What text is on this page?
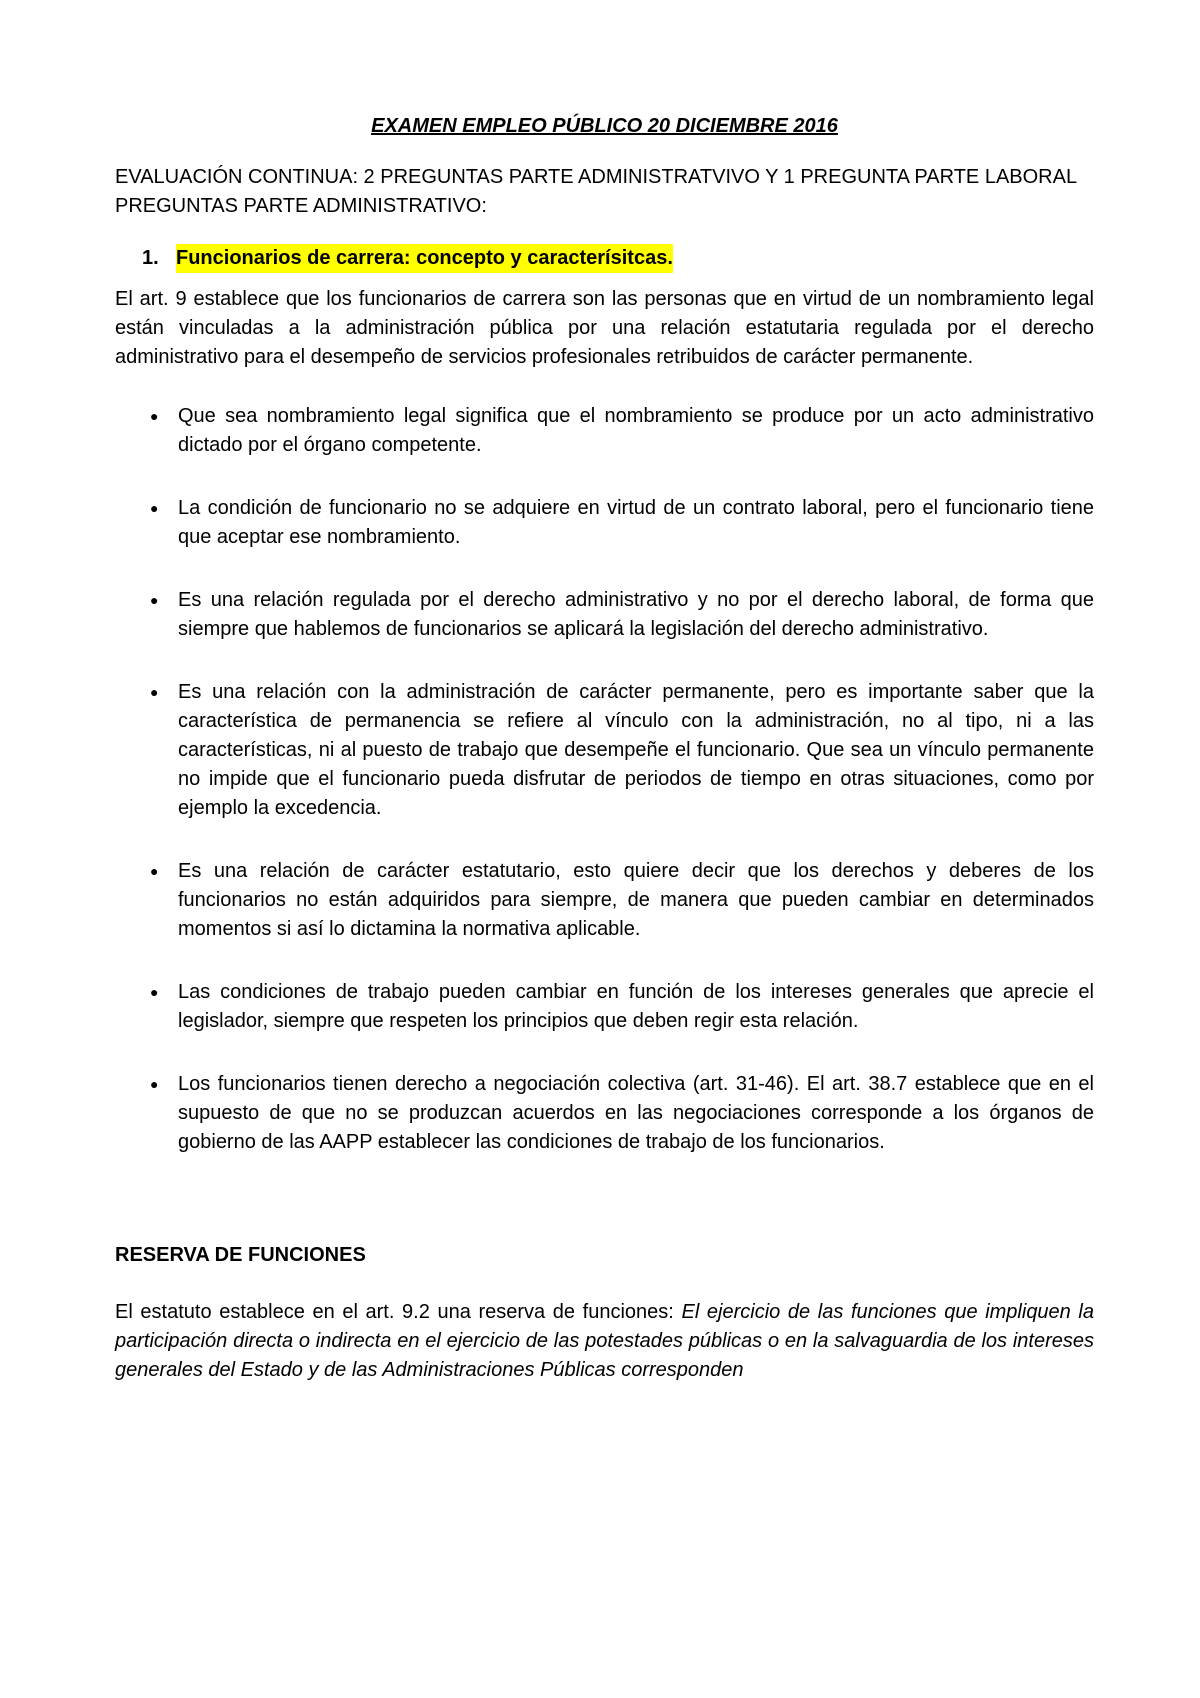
EXAMEN EMPLEO PÚBLICO 20 DICIEMBRE 2016

EVALUACIÓN CONTINUA: 2 PREGUNTAS PARTE ADMINISTRATVIVO Y 1 PREGUNTA PARTE LABORAL

PREGUNTAS PARTE ADMINISTRATIVO:

1. Funcionarios de carrera: concepto y caracterísitcas.

El art. 9 establece que los funcionarios de carrera son las personas que en virtud de un nombramiento legal están vinculadas a la administración pública por una relación estatutaria regulada por el derecho administrativo para el desempeño de servicios profesionales retribuidos de carácter permanente.

● Que sea nombramiento legal significa que el nombramiento se produce por un acto administrativo dictado por el órgano competente.
● La condición de funcionario no se adquiere en virtud de un contrato laboral, pero el funcionario tiene que aceptar ese nombramiento.
● Es una relación regulada por el derecho administrativo y no por el derecho laboral, de forma que siempre que hablemos de funcionarios se aplicará la legislación del derecho administrativo.
● Es una relación con la administración de carácter permanente, pero es importante saber que la característica de permanencia se refiere al vínculo con la administración, no al tipo, ni a las características, ni al puesto de trabajo que desempeñe el funcionario. Que sea un vínculo permanente no impide que el funcionario pueda disfrutar de periodos de tiempo en otras situaciones, como por ejemplo la excedencia.
● Es una relación de carácter estatutario, esto quiere decir que los derechos y deberes de los funcionarios no están adquiridos para siempre, de manera que pueden cambiar en determinados momentos si así lo dictamina la normativa aplicable.
● Las condiciones de trabajo pueden cambiar en función de los intereses generales que aprecie el legislador, siempre que respeten los principios que deben regir esta relación.
● Los funcionarios tienen derecho a negociación colectiva (art. 31-46). El art. 38.7 establece que en el supuesto de que no se produzcan acuerdos en las negociaciones corresponde a los órganos de gobierno de las AAPP establecer las condiciones de trabajo de los funcionarios.

RESERVA DE FUNCIONES

El estatuto establece en el art. 9.2 una reserva de funciones: El ejercicio de las funciones que impliquen la participación directa o indirecta en el ejercicio de las potestades públicas o en la salvaguardia de los intereses generales del Estado y de las Administraciones Públicas corresponden
